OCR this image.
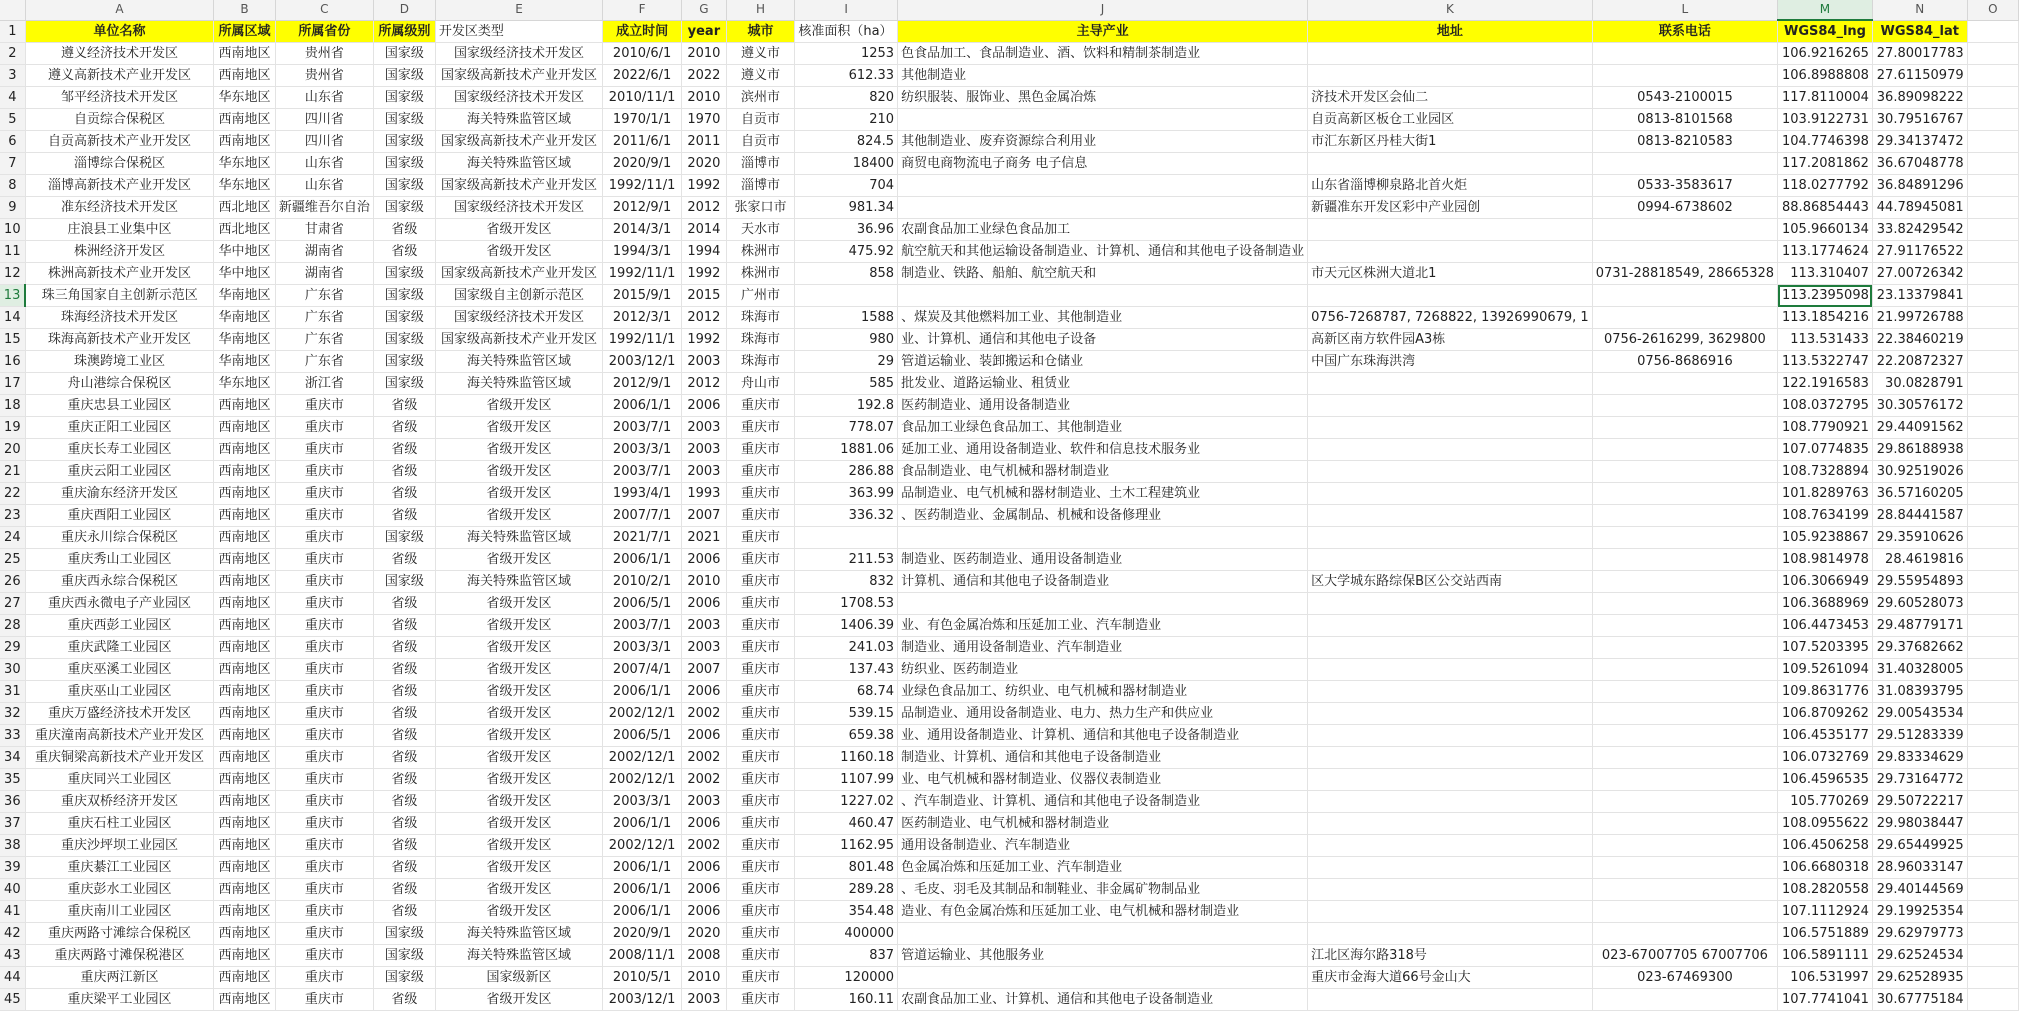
	A	B	C	D	E	F	G	H	I	J	K	L	M	N	O
1	单位名称	所属区域	所属省份	所属级别	开发区类型	成立时间	year	城市	核准面积（ha）	主导产业	地址	联系电话	WGS84_lng	WGS84_lat	
2	遵义经济技术开发区	西南地区	贵州省	国家级	国家级经济技术开发区	2010/6/1	2010	遵义市	1253	色食品加工、食品制造业、酒、饮料和精制茶制造业			106.9216265	27.80017783	
3	遵义高新技术产业开发区	西南地区	贵州省	国家级	国家级高新技术产业开发区	2022/6/1	2022	遵义市	612.33	其他制造业			106.8988808	27.61150979	
4	邹平经济技术开发区	华东地区	山东省	国家级	国家级经济技术开发区	2010/11/1	2010	滨州市	820	纺织服装、服饰业、黑色金属冶炼	济技术开发区会仙二	0543-2100015	117.8110004	36.89098222	
5	自贡综合保税区	西南地区	四川省	国家级	海关特殊监管区域	1970/1/1	1970	自贡市	210		自贡高新区板仓工业园区	0813-8101568	103.9122731	30.79516767	
6	自贡高新技术产业开发区	西南地区	四川省	国家级	国家级高新技术产业开发区	2011/6/1	2011	自贡市	824.5	其他制造业、废弃资源综合利用业	市汇东新区丹桂大街1	0813-8210583	104.7746398	29.34137472	
7	淄博综合保税区	华东地区	山东省	国家级	海关特殊监管区域	2020/9/1	2020	淄博市	18400	商贸电商物流电子商务 电子信息			117.2081862	36.67048778	
8	淄博高新技术产业开发区	华东地区	山东省	国家级	国家级高新技术产业开发区	1992/11/1	1992	淄博市	704		山东省淄博柳泉路北首火炬	0533-3583617	118.0277792	36.84891296	
9	准东经济技术开发区	西北地区	新疆维吾尔自治	国家级	国家级经济技术开发区	2012/9/1	2012	张家口市	981.34		新疆准东开发区彩中产业园创	0994-6738602	88.86854443	44.78945081	
10	庄浪县工业集中区	西北地区	甘肃省	省级	省级开发区	2014/3/1	2014	天水市	36.96	农副食品加工业绿色食品加工			105.9660134	33.82429542	
11	株洲经济开发区	华中地区	湖南省	省级	省级开发区	1994/3/1	1994	株洲市	475.92	航空航天和其他运输设备制造业、计算机、通信和其他电子设备制造业			113.1774624	27.91176522	
12	株洲高新技术产业开发区	华中地区	湖南省	国家级	国家级高新技术产业开发区	1992/11/1	1992	株洲市	858	制造业、铁路、船舶、航空航天和	市天元区株洲大道北1	0731-28818549, 28665328	113.310407	27.00726342	
13	珠三角国家自主创新示范区	华南地区	广东省	国家级	国家级自主创新示范区	2015/9/1	2015	广州市					113.2395098	23.13379841	
14	珠海经济技术开发区	华南地区	广东省	国家级	国家级经济技术开发区	2012/3/1	2012	珠海市	1588	、煤炭及其他燃料加工业、其他制造业	0756-7268787, 7268822, 13926990679, 1		113.1854216	21.99726788	
15	珠海高新技术产业开发区	华南地区	广东省	国家级	国家级高新技术产业开发区	1992/11/1	1992	珠海市	980	业、计算机、通信和其他电子设备	高新区南方软件园A3栋	0756-2616299, 3629800	113.531433	22.38460219	
16	珠澳跨境工业区	华南地区	广东省	国家级	海关特殊监管区域	2003/12/1	2003	珠海市	29	管道运输业、装卸搬运和仓储业	中国广东珠海洪湾	0756-8686916	113.5322747	22.20872327	
17	舟山港综合保税区	华东地区	浙江省	国家级	海关特殊监管区域	2012/9/1	2012	舟山市	585	批发业、道路运输业、租赁业			122.1916583	30.0828791	
18	重庆忠县工业园区	西南地区	重庆市	省级	省级开发区	2006/1/1	2006	重庆市	192.8	医药制造业、通用设备制造业			108.0372795	30.30576172	
19	重庆正阳工业园区	西南地区	重庆市	省级	省级开发区	2003/7/1	2003	重庆市	778.07	食品加工业绿色食品加工、其他制造业			108.7790921	29.44091562	
20	重庆长寿工业园区	西南地区	重庆市	省级	省级开发区	2003/3/1	2003	重庆市	1881.06	延加工业、通用设备制造业、软件和信息技术服务业			107.0774835	29.86188938	
21	重庆云阳工业园区	西南地区	重庆市	省级	省级开发区	2003/7/1	2003	重庆市	286.88	食品制造业、电气机械和器材制造业			108.7328894	30.92519026	
22	重庆渝东经济开发区	西南地区	重庆市	省级	省级开发区	1993/4/1	1993	重庆市	363.99	品制造业、电气机械和器材制造业、土木工程建筑业			101.8289763	36.57160205	
23	重庆酉阳工业园区	西南地区	重庆市	省级	省级开发区	2007/7/1	2007	重庆市	336.32	、医药制造业、金属制品、机械和设备修理业			108.7634199	28.84441587	
24	重庆永川综合保税区	西南地区	重庆市	国家级	海关特殊监管区域	2021/7/1	2021	重庆市					105.9238867	29.35910626	
25	重庆秀山工业园区	西南地区	重庆市	省级	省级开发区	2006/1/1	2006	重庆市	211.53	制造业、医药制造业、通用设备制造业			108.9814978	28.4619816	
26	重庆西永综合保税区	西南地区	重庆市	国家级	海关特殊监管区域	2010/2/1	2010	重庆市	832	计算机、通信和其他电子设备制造业	区大学城东路综保B区公交站西南		106.3066949	29.55954893	
27	重庆西永微电子产业园区	西南地区	重庆市	省级	省级开发区	2006/5/1	2006	重庆市	1708.53				106.3688969	29.60528073	
28	重庆西彭工业园区	西南地区	重庆市	省级	省级开发区	2003/7/1	2003	重庆市	1406.39	业、有色金属冶炼和压延加工业、汽车制造业			106.4473453	29.48779171	
29	重庆武隆工业园区	西南地区	重庆市	省级	省级开发区	2003/3/1	2003	重庆市	241.03	制造业、通用设备制造业、汽车制造业			107.5203395	29.37682662	
30	重庆巫溪工业园区	西南地区	重庆市	省级	省级开发区	2007/4/1	2007	重庆市	137.43	纺织业、医药制造业			109.5261094	31.40328005	
31	重庆巫山工业园区	西南地区	重庆市	省级	省级开发区	2006/1/1	2006	重庆市	68.74	业绿色食品加工、纺织业、电气机械和器材制造业			109.8631776	31.08393795	
32	重庆万盛经济技术开发区	西南地区	重庆市	省级	省级开发区	2002/12/1	2002	重庆市	539.15	品制造业、通用设备制造业、电力、热力生产和供应业			106.8709262	29.00543534	
33	重庆潼南高新技术产业开发区	西南地区	重庆市	省级	省级开发区	2006/5/1	2006	重庆市	659.38	业、通用设备制造业、计算机、通信和其他电子设备制造业			106.4535177	29.51283339	
34	重庆铜梁高新技术产业开发区	西南地区	重庆市	省级	省级开发区	2002/12/1	2002	重庆市	1160.18	制造业、计算机、通信和其他电子设备制造业			106.0732769	29.83334629	
35	重庆同兴工业园区	西南地区	重庆市	省级	省级开发区	2002/12/1	2002	重庆市	1107.99	业、电气机械和器材制造业、仪器仪表制造业			106.4596535	29.73164772	
36	重庆双桥经济开发区	西南地区	重庆市	省级	省级开发区	2003/3/1	2003	重庆市	1227.02	、汽车制造业、计算机、通信和其他电子设备制造业			105.770269	29.50722217	
37	重庆石柱工业园区	西南地区	重庆市	省级	省级开发区	2006/1/1	2006	重庆市	460.47	医药制造业、电气机械和器材制造业			108.0955622	29.98038447	
38	重庆沙坪坝工业园区	西南地区	重庆市	省级	省级开发区	2002/12/1	2002	重庆市	1162.95	通用设备制造业、汽车制造业			106.4506258	29.65449925	
39	重庆綦江工业园区	西南地区	重庆市	省级	省级开发区	2006/1/1	2006	重庆市	801.48	色金属冶炼和压延加工业、汽车制造业			106.6680318	28.96033147	
40	重庆彭水工业园区	西南地区	重庆市	省级	省级开发区	2006/1/1	2006	重庆市	289.28	、毛皮、羽毛及其制品和制鞋业、非金属矿物制品业			108.2820558	29.40144569	
41	重庆南川工业园区	西南地区	重庆市	省级	省级开发区	2006/1/1	2006	重庆市	354.48	造业、有色金属冶炼和压延加工业、电气机械和器材制造业			107.1112924	29.19925354	
42	重庆两路寸滩综合保税区	西南地区	重庆市	国家级	海关特殊监管区域	2020/9/1	2020	重庆市	400000				106.5751889	29.62979773	
43	重庆两路寸滩保税港区	西南地区	重庆市	国家级	海关特殊监管区域	2008/11/1	2008	重庆市	837	管道运输业、其他服务业	江北区海尔路318号	023-67007705 67007706	106.5891111	29.62524534	
44	重庆两江新区	西南地区	重庆市	国家级	国家级新区	2010/5/1	2010	重庆市	120000		重庆市金海大道66号金山大	023-67469300	106.531997	29.62528935	
45	重庆梁平工业园区	西南地区	重庆市	省级	省级开发区	2003/12/1	2003	重庆市	160.11	农副食品加工业、计算机、通信和其他电子设备制造业			107.7741041	30.67775184	
